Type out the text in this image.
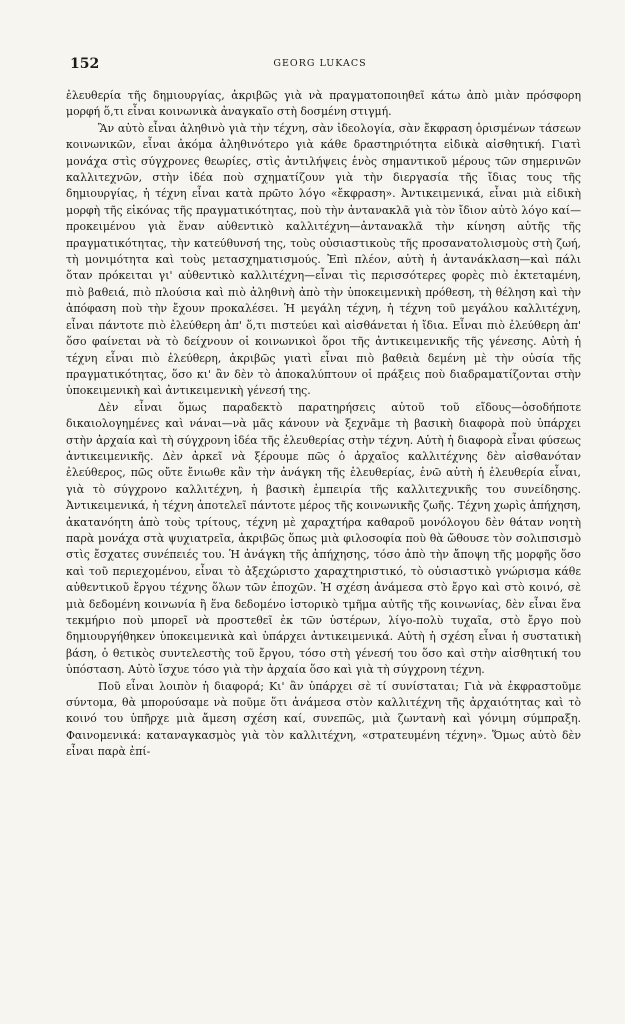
152	GEORG LUKACS

ἐλευθερία τῆς δημιουργίας, ἀκριβῶς γιὰ νὰ πραγματοποιηθεῖ κάτω ἀπὸ μιὰν πρόσφορη μορφή ὅ,τι εἶναι κοινωνικὰ ἀναγκαῖο στὴ δοσμένη στιγμή.

Ἂν αὐτὸ εἶναι ἀληθινὸ γιὰ τὴν τέχνη, σὰν ἰδεολογία, σὰν ἔκφραση ὁρισμένων τάσεων κοινωνικῶν, εἶναι ἀκόμα ἀληθινότερο γιὰ κάθε δραστηριότητα εἰδικὰ αἰσθητική. Γιατὶ μονάχα στὶς σύγχρονες θεωρίες, στὶς ἀντιλήψεις ἑνὸς σημαντικοῦ μέρους τῶν σημερινῶν καλλιτεχνῶν, στὴν ἰδέα ποὺ σχηματίζουν γιὰ τὴν διεργασία τῆς ἴδιας τους τῆς δημιουργίας, ἡ τέχνη εἶναι κατὰ πρῶτο λόγο «ἔκφραση». Ἀντικειμενικά, εἶναι μιὰ εἰδικὴ μορφὴ τῆς εἰκόνας τῆς πραγματικότητας, ποὺ τὴν ἀντανακλᾶ γιὰ τὸν ἴδιον αὐτὸ λόγο καί—προκειμένου γιὰ ἕναν αὐθεντικὸ καλλιτέχνη—ἀντανακλᾶ τὴν κίνηση αὐτῆς τῆς πραγματικότητας, τὴν κατεύθυνσή της, τοὺς οὐσιαστικοὺς τῆς προσανατολισμοὺς στὴ ζωή, τὴ μονιμότητα καὶ τοὺς μετασχηματισμούς. Ἐπὶ πλέον, αὐτὴ ἡ ἀντανάκλαση—καὶ πάλι ὅταν πρόκειται γι' αὐθεντικὸ καλλιτέχνη—εἶναι τὶς περισσότερες φορὲς πιὸ ἐκτεταμένη, πιὸ βαθειά, πιὸ πλούσια καὶ πιὸ ἀληθινὴ ἀπὸ τὴν ὑποκειμενικὴ πρόθεση, τὴ θέληση καὶ τὴν ἀπόφαση ποὺ τὴν ἔχουν προκαλέσει. Ἡ μεγάλη τέχνη, ἡ τέχνη τοῦ μεγάλου καλλιτέχνη, εἶναι πάντοτε πιὸ ἐλεύθερη ἀπ' ὅ,τι πιστεύει καὶ αἰσθάνεται ἡ ἴδια. Εἶναι πιὸ ἐλεύθερη ἀπ' ὅσο φαίνεται νὰ τὸ δείχνουν οἱ κοινωνικοὶ ὅροι τῆς ἀντικειμενικῆς τῆς γένεσης. Αὐτὴ ἡ τέχνη εἶναι πιὸ ἐλεύθερη, ἀκριβῶς γιατὶ εἶναι πιὸ βαθειὰ δεμένη μὲ τὴν οὐσία τῆς πραγματικότητας, ὅσο κι' ἂν δὲν τὸ ἀποκαλύπτουν οἱ πράξεις ποὺ διαδραματίζονται στὴν ὑποκειμενικὴ καὶ ἀντικειμενικὴ γένεσή της.

Δὲν εἶναι ὅμως παραδεκτὸ παρατηρήσεις αὐτοῦ τοῦ εἴδους—ὁσοδήποτε δικαιολογημένες καὶ νάναι—νὰ μᾶς κάνουν νὰ ξεχνᾶμε τὴ βασικὴ διαφορὰ ποὺ ὑπάρχει στὴν ἀρχαία καὶ τὴ σύγχρονη ἰδέα τῆς ἐλευθερίας στὴν τέχνη. Αὐτὴ ἡ διαφορὰ εἶναι φύσεως ἀντικειμενικῆς. Δὲν ἀρκεῖ νὰ ξέρουμε πῶς ὁ ἀρχαῖος καλλιτέχνης δὲν αἰσθανόταν ἐλεύθερος, πῶς οὔτε ἔνιωθε κἂν τὴν ἀνάγκη τῆς ἐλευθερίας, ἐνῶ αὐτὴ ἡ ἐλευθερία εἶναι, γιὰ τὸ σύγχρονο καλλιτέχνη, ἡ βασικὴ ἐμπειρία τῆς καλλιτεχνικῆς του συνείδησης. Ἀντικειμενικά, ἡ τέχνη ἀποτελεῖ πάντοτε μέρος τῆς κοινωνικῆς ζωῆς. Τέχνη χωρὶς ἀπήχηση, ἀκατανόητη ἀπὸ τοὺς τρίτους, τέχνη μὲ χαραχτήρα καθαροῦ μονόλογου δὲν θάταν νοητὴ παρὰ μονάχα στὰ ψυχιατρεῖα, ἀκριβῶς ὅπως μιὰ φιλοσοφία ποὺ θὰ ὤθουσε τὸν σολιπσισμὸ στὶς ἔσχατες συνέπειές του. Ἡ ἀνάγκη τῆς ἀπήχησης, τόσο ἀπὸ τὴν ἄποψη τῆς μορφῆς ὅσο καὶ τοῦ περιεχομένου, εἶναι τὸ ἀξεχώριστο χαραχτηριστικό, τὸ οὐσιαστικὸ γνώρισμα κάθε αὐθεντικοῦ ἔργου τέχνης ὅλων τῶν ἐποχῶν. Ἡ σχέση ἀνάμεσα στὸ ἔργο καὶ στὸ κοινό, σὲ μιὰ δεδομένη κοινωνία ἢ ἕνα δεδομένο ἱστορικὸ τμῆμα αὐτῆς τῆς κοινωνίας, δὲν εἶναι ἕνα τεκμήριο ποὺ μπορεῖ νὰ προστεθεῖ ἐκ τῶν ὑστέρων, λίγο-πολὺ τυχαῖα, στὸ ἔργο ποὺ δημιουργήθηκεν ὑποκειμενικὰ καὶ ὑπάρχει ἀντικειμενικά. Αὐτὴ ἡ σχέση εἶναι ἡ συστατικὴ βάση, ὁ θετικὸς συντελεστὴς τοῦ ἔργου, τόσο στὴ γένεσή του ὅσο καὶ στὴν αἰσθητική του ὑπόσταση. Αὐτὸ ἴσχυε τόσο γιὰ τὴν ἀρχαία ὅσο καὶ γιὰ τὴ σύγχρονη τέχνη.

Ποῦ εἶναι λοιπὸν ἡ διαφορά; Κι' ἂν ὑπάρχει σὲ τί συνίσταται; Γιὰ νὰ ἐκφραστοῦμε σύντομα, θὰ μπορούσαμε νὰ ποῦμε ὅτι ἀνάμεσα στὸν καλλιτέχνη τῆς ἀρχαιότητας καὶ τὸ κοινό του ὑπῆρχε μιὰ ἄμεση σχέση καί, συνεπῶς, μιὰ ζωντανὴ καὶ γόνιμη σύμπραξη. Φαινομενικά: καταναγκασμὸς γιὰ τὸν καλλιτέχνη, «στρατευμένη τέχνη». Ὅμως αὐτὸ δὲν εἶναι παρὰ ἐπί-
